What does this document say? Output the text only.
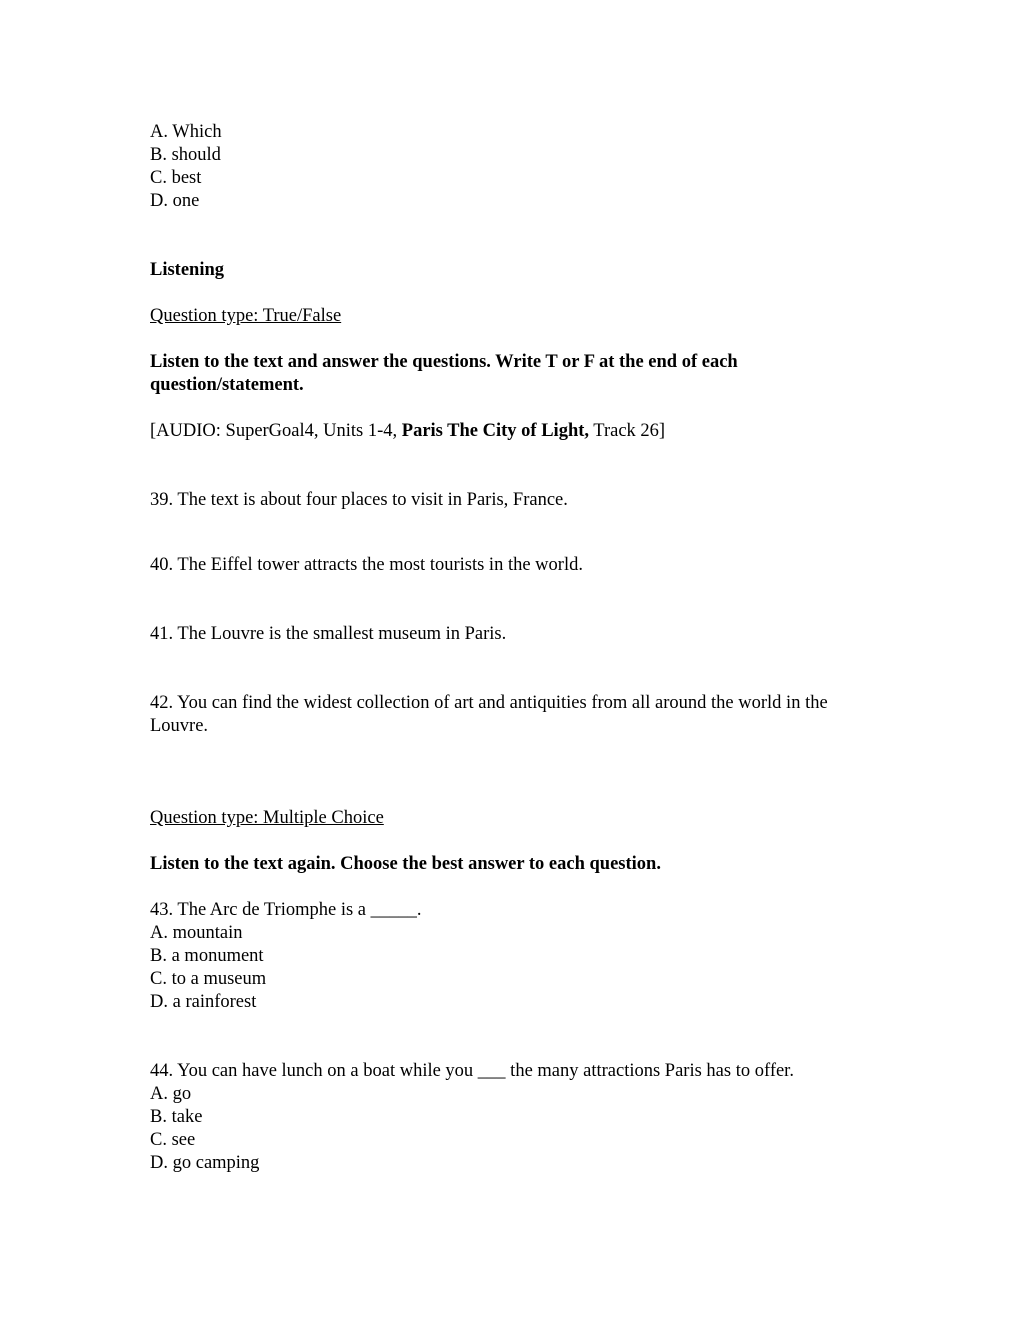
A. Which
B. should
C. best
D. one
Listening
Question type: True/False
Listen to the text and answer the questions. Write T or F at the end of each question/statement.
[AUDIO: SuperGoal4, Units 1-4, Paris The City of Light, Track 26]
39. The text is about four places to visit in Paris, France.
40. The Eiffel tower attracts the most tourists in the world.
41. The Louvre is the smallest museum in Paris.
42. You can find the widest collection of art and antiquities from all around the world in the Louvre.
Question type: Multiple Choice
Listen to the text again. Choose the best answer to each question.
43. The Arc de Triomphe is a _____.
A. mountain
B. a monument
C. to a museum
D. a rainforest
44. You can have lunch on a boat while you ___ the many attractions Paris has to offer.
A. go
B. take
C. see
D. go camping
